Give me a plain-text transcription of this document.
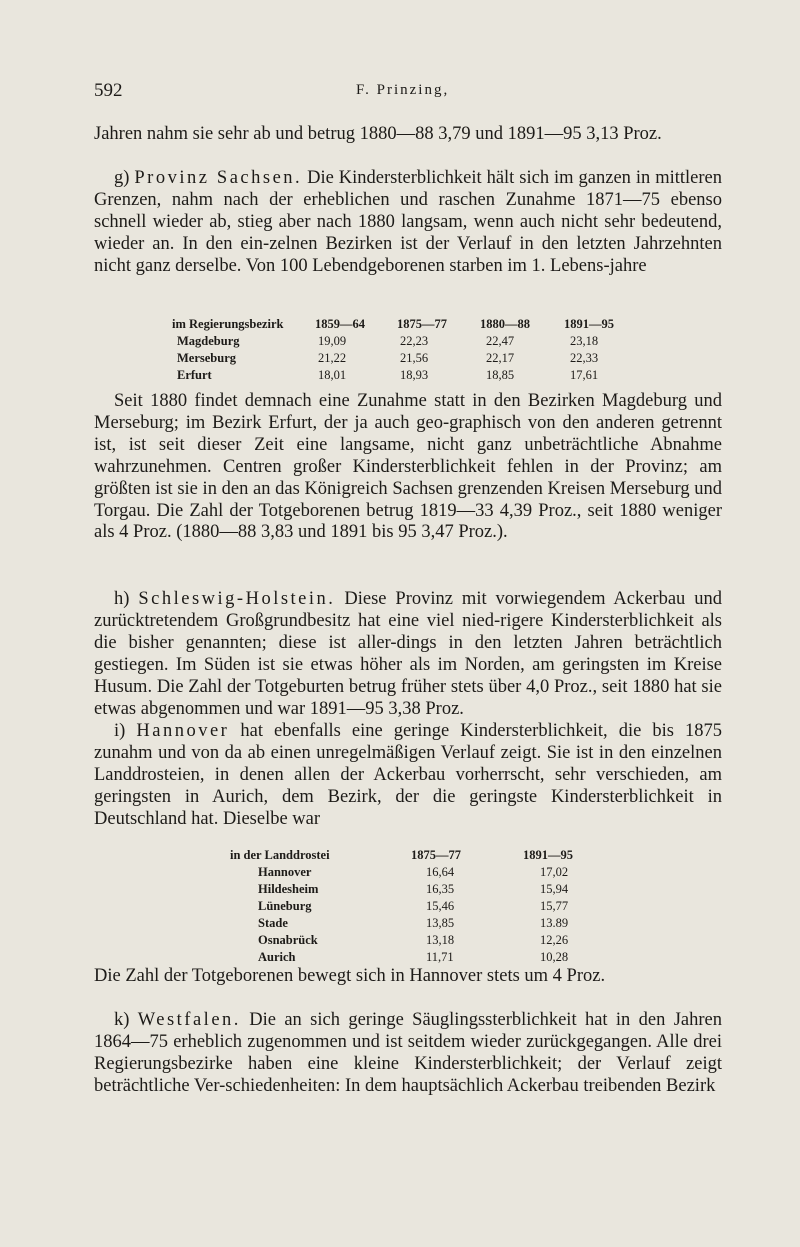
592	F. Prinzing,

Jahren nahm sie sehr ab und betrug 1880—88 3,79 und 1891—95 3,13 Proz.

g) Provinz Sachsen. Die Kindersterblichkeit hält sich im ganzen in mittleren Grenzen, nahm nach der erheblichen und raschen Zunahme 1871—75 ebenso schnell wieder ab, stieg aber nach 1880 langsam, wenn auch nicht sehr bedeutend, wieder an. In den ein-zelnen Bezirken ist der Verlauf in den letzten Jahrzehnten nicht ganz derselbe. Von 100 Lebendgeborenen starben im 1. Lebens-jahre

im Regierungsbezirk	1859—64	1875—77	1880—88	1891—95
Magdeburg	19,09	22,23	22,47	23,18
Merseburg	21,22	21,56	22,17	22,33
Erfurt	18,01	18,93	18,85	17,61

Seit 1880 findet demnach eine Zunahme statt in den Bezirken Magdeburg und Merseburg; im Bezirk Erfurt, der ja auch geo-graphisch von den anderen getrennt ist, ist seit dieser Zeit eine langsame, nicht ganz unbeträchtliche Abnahme wahrzunehmen. Centren großer Kindersterblichkeit fehlen in der Provinz; am größten ist sie in den an das Königreich Sachsen grenzenden Kreisen Merseburg und Torgau. Die Zahl der Totgeborenen betrug 1819—33 4,39 Proz., seit 1880 weniger als 4 Proz. (1880—88 3,83 und 1891 bis 95 3,47 Proz.).

h) Schleswig-Holstein. Diese Provinz mit vorwiegendem Ackerbau und zurücktretendem Großgrundbesitz hat eine viel nied-rigere Kindersterblichkeit als die bisher genannten; diese ist aller-dings in den letzten Jahren beträchtlich gestiegen. Im Süden ist sie etwas höher als im Norden, am geringsten im Kreise Husum. Die Zahl der Totgeburten betrug früher stets über 4,0 Proz., seit 1880 hat sie etwas abgenommen und war 1891—95 3,38 Proz.

i) Hannover hat ebenfalls eine geringe Kindersterblichkeit, die bis 1875 zunahm und von da ab einen unregelmäßigen Verlauf zeigt. Sie ist in den einzelnen Landdrosteien, in denen allen der Ackerbau vorherrscht, sehr verschieden, am geringsten in Aurich, dem Bezirk, der die geringste Kindersterblichkeit in Deutschland hat. Dieselbe war

in der Landdrostei	1875—77	1891—95
Hannover	16,64	17,02
Hildesheim	16,35	15,94
Lüneburg	15,46	15,77
Stade	13,85	13.89
Osnabrück	13,18	12,26
Aurich	11,71	10,28

Die Zahl der Totgeborenen bewegt sich in Hannover stets um 4 Proz.

k) Westfalen. Die an sich geringe Säuglingssterblichkeit hat in den Jahren 1864—75 erheblich zugenommen und ist seitdem wieder zurückgegangen. Alle drei Regierungsbezirke haben eine kleine Kindersterblichkeit; der Verlauf zeigt beträchtliche Ver-schiedenheiten: In dem hauptsächlich Ackerbau treibenden Bezirk
